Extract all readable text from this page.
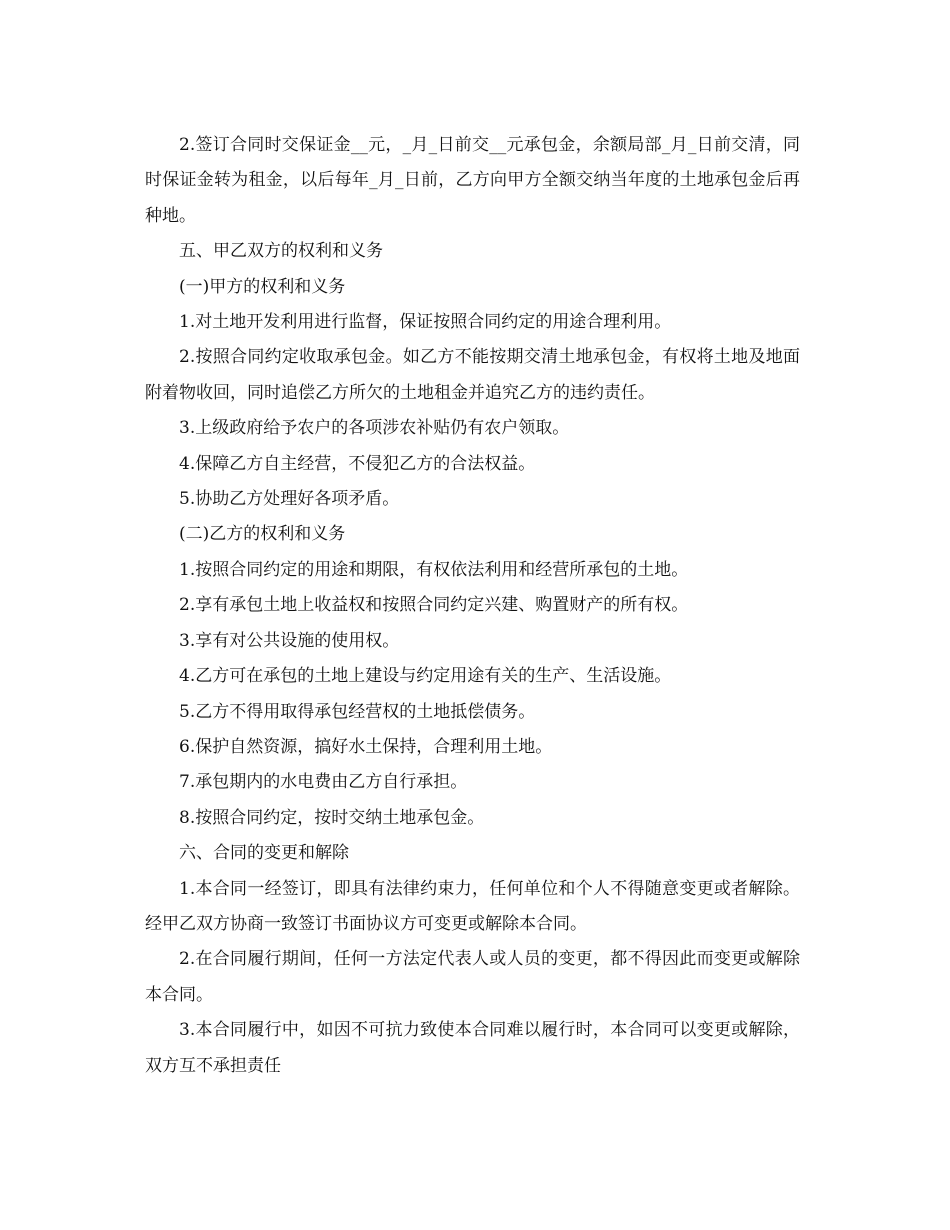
2.签订合同时交保证金__元，_月_日前交__元承包金，余额局部_月_日前交清，同时保证金转为租金，以后每年_月_日前，乙方向甲方全额交纳当年度的土地承包金后再种地。

五、甲乙双方的权利和义务

(一)甲方的权利和义务

1.对土地开发利用进行监督，保证按照合同约定的用途合理利用。

2.按照合同约定收取承包金。如乙方不能按期交清土地承包金，有权将土地及地面附着物收回，同时追偿乙方所欠的土地租金并追究乙方的违约责任。

3.上级政府给予农户的各项涉农补贴仍有农户领取。

4.保障乙方自主经营，不侵犯乙方的合法权益。

5.协助乙方处理好各项矛盾。

(二)乙方的权利和义务

1.按照合同约定的用途和期限，有权依法利用和经营所承包的土地。

2.享有承包土地上收益权和按照合同约定兴建、购置财产的所有权。

3.享有对公共设施的使用权。

4.乙方可在承包的土地上建设与约定用途有关的生产、生活设施。

5.乙方不得用取得承包经营权的土地抵偿债务。

6.保护自然资源，搞好水土保持，合理利用土地。

7.承包期内的水电费由乙方自行承担。

8.按照合同约定，按时交纳土地承包金。

六、合同的变更和解除

1.本合同一经签订，即具有法律约束力，任何单位和个人不得随意变更或者解除。经甲乙双方协商一致签订书面协议方可变更或解除本合同。

2.在合同履行期间，任何一方法定代表人或人员的变更，都不得因此而变更或解除本合同。

3.本合同履行中，如因不可抗力致使本合同难以履行时，本合同可以变更或解除，双方互不承担责任
